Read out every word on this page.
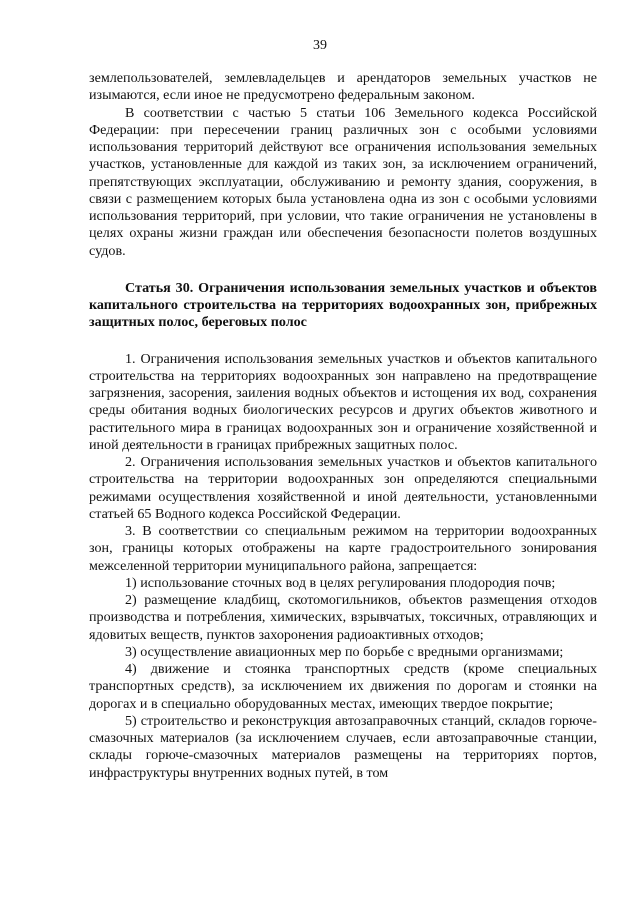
39

землепользователей, землевладельцев и арендаторов земельных участков не изымаются, если иное не предусмотрено федеральным законом.

В соответствии с частью 5 статьи 106 Земельного кодекса Российской Федерации: при пересечении границ различных зон с особыми условиями использования территорий действуют все ограничения использования земельных участков, установленные для каждой из таких зон, за исключением ограничений, препятствующих эксплуатации, обслуживанию и ремонту здания, сооружения, в связи с размещением которых была установлена одна из зон с особыми условиями использования территорий, при условии, что такие ограничения не установлены в целях охраны жизни граждан или обеспечения безопасности полетов воздушных судов.

Статья 30. Ограничения использования земельных участков и объектов капитального строительства на территориях водоохранных зон, прибрежных защитных полос, береговых полос

1. Ограничения использования земельных участков и объектов капитального строительства на территориях водоохранных зон направлено на предотвращение загрязнения, засорения, заиления водных объектов и истощения их вод, сохранения среды обитания водных биологических ресурсов и других объектов животного и растительного мира в границах водоохранных зон и ограничение хозяйственной и иной деятельности в границах прибрежных защитных полос.

2. Ограничения использования земельных участков и объектов капитального строительства на территории водоохранных зон определяются специальными режимами осуществления хозяйственной и иной деятельности, установленными статьей 65 Водного кодекса Российской Федерации.

3. В соответствии со специальным режимом на территории водоохранных зон, границы которых отображены на карте градостроительного зонирования межселенной территории муниципального района, запрещается:

1) использование сточных вод в целях регулирования плодородия почв;

2) размещение кладбищ, скотомогильников, объектов размещения отходов производства и потребления, химических, взрывчатых, токсичных, отравляющих и ядовитых веществ, пунктов захоронения радиоактивных отходов;

3) осуществление авиационных мер по борьбе с вредными организмами;

4) движение и стоянка транспортных средств (кроме специальных транспортных средств), за исключением их движения по дорогам и стоянки на дорогах и в специально оборудованных местах, имеющих твердое покрытие;

5) строительство и реконструкция автозаправочных станций, складов горюче-смазочных материалов (за исключением случаев, если автозаправочные станции, склады горюче-смазочных материалов размещены на территориях портов, инфраструктуры внутренних водных путей, в том
